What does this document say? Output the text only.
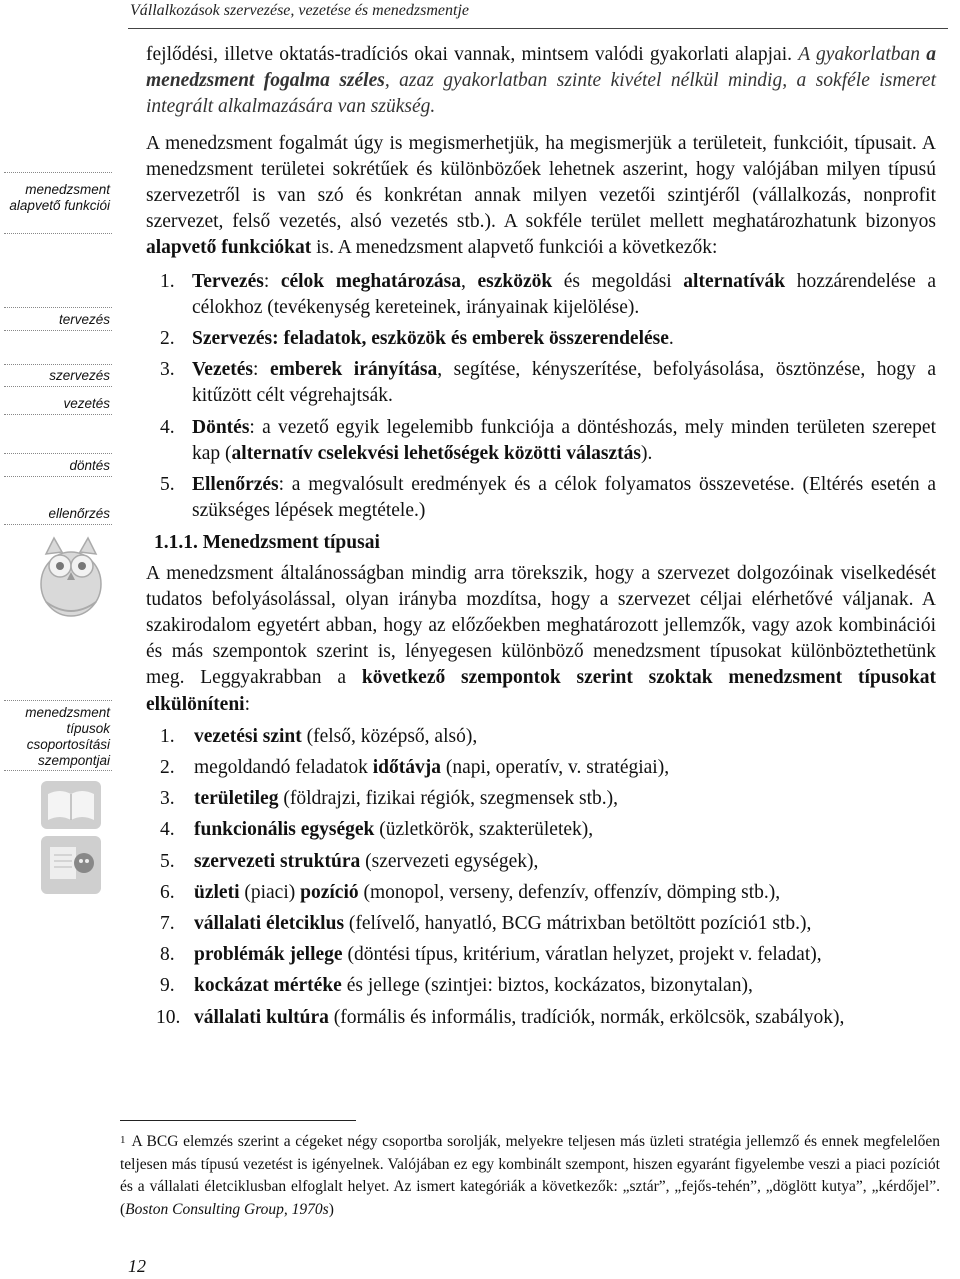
Vállalkozások szervezése, vezetése és menedzsmentje
menedzsment alapvető funkciói
tervezés
szervezés
vezetés
döntés
ellenőrzés
menedzsment típusok csoportosítási szempontjai

fejlődési, illetve oktatás-tradíciós okai vannak, mintsem valódi gyakorlati alapjai. A gyakorlatban a menedzsment fogalma széles, azaz gyakorlatban szinte kivétel nélkül mindig, a sokféle ismeret integrált alkalmazására van szükség.

A menedzsment fogalmát úgy is megismerhetjük, ha megismerjük a területeit, funkcióit, típusait. A menedzsment területei sokrétűek és különbözőek lehetnek aszerint, hogy valójában milyen típusú szervezetről is van szó és konkrétan annak milyen vezetői szintjéről (vállalkozás, nonprofit szervezet, felső vezetés, alsó vezetés stb.). A sokféle terület mellett meghatározhatunk bizonyos alapvető funkciókat is. A menedzsment alapvető funkciói a következők:

1. Tervezés: célok meghatározása, eszközök és megoldási alternatívák hozzárendelése a célokhoz (tevékenység kereteinek, irányainak kijelölése).
2. Szervezés: feladatok, eszközök és emberek összerendelése.
3. Vezetés: emberek irányítása, segítése, kényszerítése, befolyásolása, ösztönzése, hogy a kitűzött célt végrehajtsák.
4. Döntés: a vezető egyik legelemibb funkciója a döntéshozás, mely minden területen szerepet kap (alternatív cselekvési lehetőségek közötti választás).
5. Ellenőrzés: a megvalósult eredmények és a célok folyamatos összevetése. (Eltérés esetén a szükséges lépések megtétele.)
1.1.1. Menedzsment típusai

A menedzsment általánosságban mindig arra törekszik, hogy a szervezet dolgozóinak viselkedését tudatos befolyásolással, olyan irányba mozdítsa, hogy a szervezet céljai elérhetővé váljanak. A szakirodalom egyetért abban, hogy az előzőekben meghatározott jellemzők, vagy azok kombinációi és más szempontok szerint is, lényegesen különböző menedzsment típusokat különböztethetünk meg. Leggyakrabban a következő szempontok szerint szoktak menedzsment típusokat elkülöníteni:

1. vezetési szint (felső, középső, alsó),
2. megoldandó feladatok időtávja (napi, operatív, v. stratégiai),
3. területileg (földrajzi, fizikai régiók, szegmensek stb.),
4. funkcionális egységek (üzletkörök, szakterületek),
5. szervezeti struktúra (szervezeti egységek),
6. üzleti (piaci) pozíció (monopol, verseny, defenzív, offenzív, dömping stb.),
7. vállalati életciklus (felívelő, hanyatló, BCG mátrixban betöltött pozíció1 stb.),
8. problémák jellege (döntési típus, kritérium, váratlan helyzet, projekt v. feladat),
9. kockázat mértéke és jellege (szintjei: biztos, kockázatos, bizonytalan),
10. vállalati kultúra (formális és informális, tradíciók, normák, erkölcsök, szabályok),
$^1$ A BCG elemzés szerint a cégeket négy csoportba sorolják, melyekre teljesen más üzleti stratégia jellemző és ennek megfelelően teljesen más típusú vezetést is igényelnek. Valójában ez egy kombinált szempont, hiszen egyaránt figyelembe veszi a piaci pozíciót és a vállalati életciklusban elfoglalt helyet. Az ismert kategóriák a következők: „sztár”, „fejős-tehén”, „döglött kutya”, „kérdőjel”. (Boston Consulting Group, 1970s)
12
